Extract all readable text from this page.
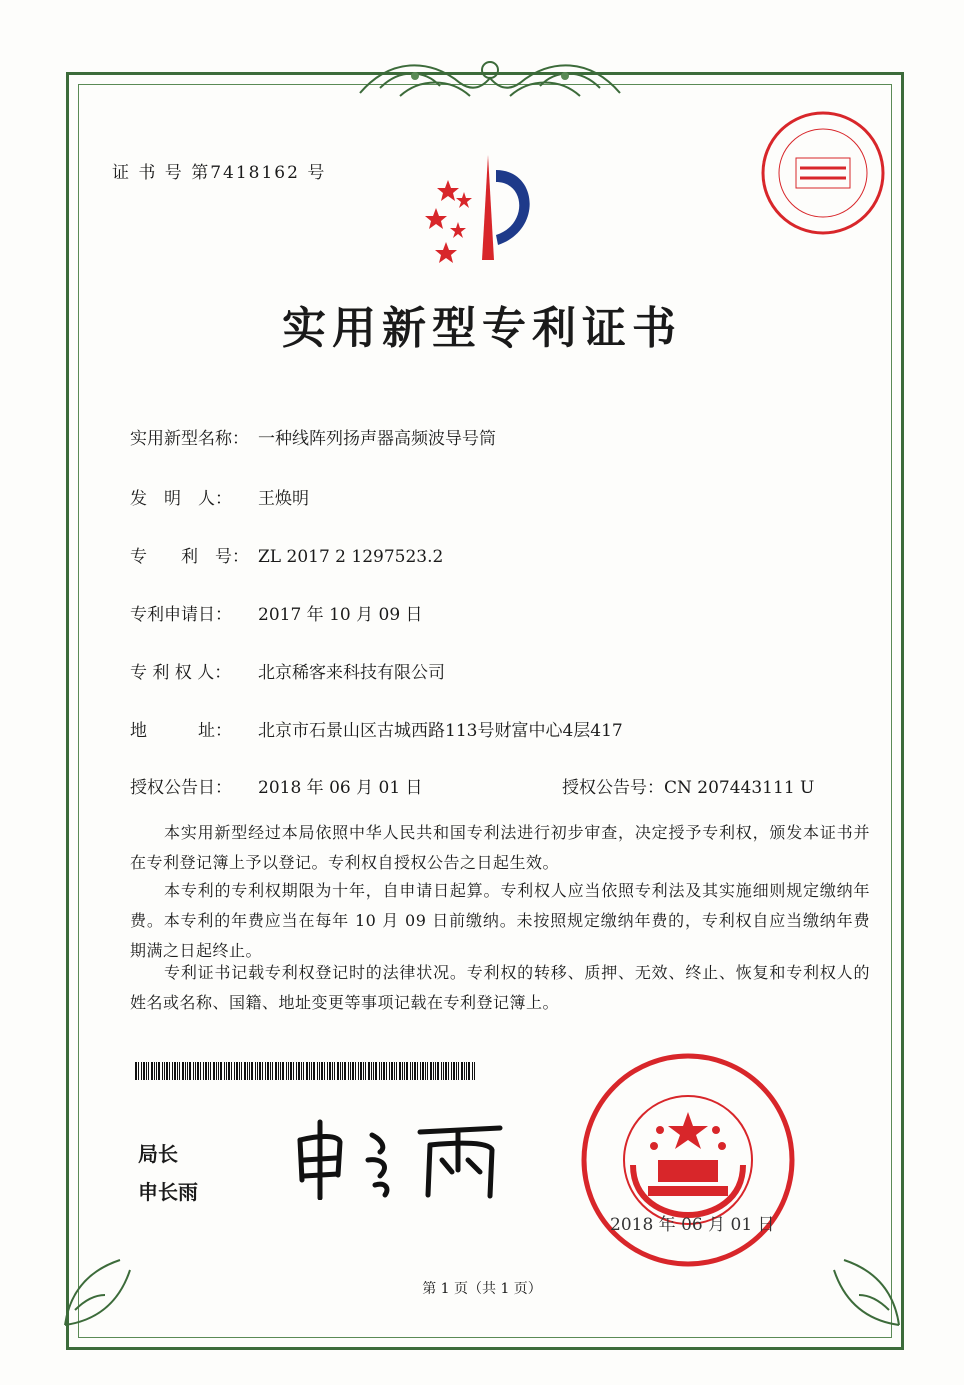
证 书 号 第7418162 号
实用新型专利证书
实用新型名称： 一种线阵列扬声器高频波导号筒
发　明　人： 王焕明
专　　利　号： ZL 2017 2 1297523.2
专利申请日： 2017 年 10 月 09 日
专 利 权 人： 北京稀客来科技有限公司
地　　　址： 北京市石景山区古城西路113号财富中心4层417
授权公告日： 2018 年 06 月 01 日	授权公告号：CN 207443111 U
本实用新型经过本局依照中华人民共和国专利法进行初步审查，决定授予专利权，颁发本证书并在专利登记簿上予以登记。专利权自授权公告之日起生效。
本专利的专利权期限为十年，自申请日起算。专利权人应当依照专利法及其实施细则规定缴纳年费。本专利的年费应当在每年 10 月 09 日前缴纳。未按照规定缴纳年费的，专利权自应当缴纳年费期满之日起终止。
专利证书记载专利权登记时的法律状况。专利权的转移、质押、无效、终止、恢复和专利权人的姓名或名称、国籍、地址变更等事项记载在专利登记簿上。
局长
申长雨
2018 年 06 月 01 日
第 1 页（共 1 页）
